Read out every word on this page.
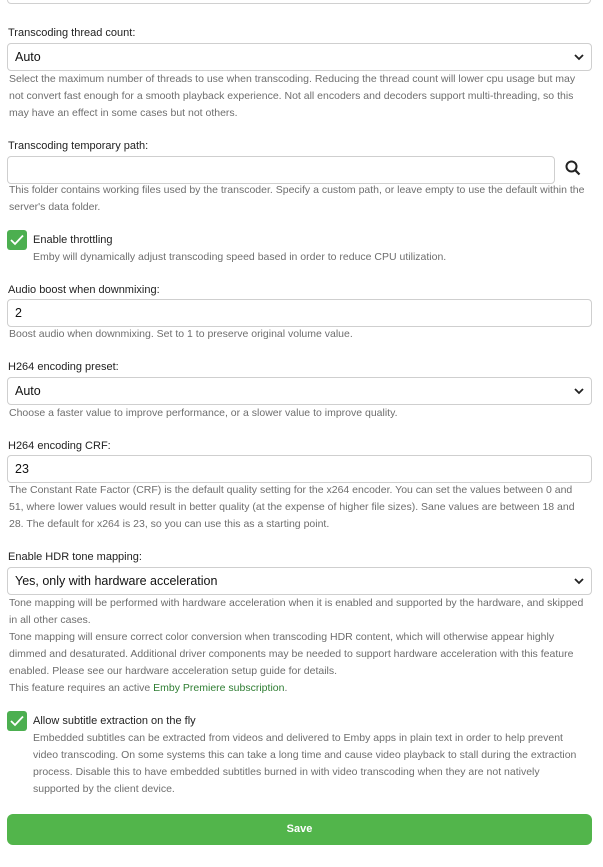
Transcoding thread count:
Auto
Select the maximum number of threads to use when transcoding. Reducing the thread count will lower cpu usage but may not convert fast enough for a smooth playback experience. Not all encoders and decoders support multi-threading, so this may have an effect in some cases but not others.
Transcoding temporary path:
This folder contains working files used by the transcoder. Specify a custom path, or leave empty to use the default within the server's data folder.
Enable throttling
Emby will dynamically adjust transcoding speed based in order to reduce CPU utilization.
Audio boost when downmixing:
2
Boost audio when downmixing. Set to 1 to preserve original volume value.
H264 encoding preset:
Auto
Choose a faster value to improve performance, or a slower value to improve quality.
H264 encoding CRF:
23
The Constant Rate Factor (CRF) is the default quality setting for the x264 encoder. You can set the values between 0 and 51, where lower values would result in better quality (at the expense of higher file sizes). Sane values are between 18 and 28. The default for x264 is 23, so you can use this as a starting point.
Enable HDR tone mapping:
Yes, only with hardware acceleration

Tone mapping will be performed with hardware acceleration when it is enabled and supported by the hardware, and skipped in all other cases.

Tone mapping will ensure correct color conversion when transcoding HDR content, which will otherwise appear highly dimmed and desaturated. Additional driver components may be needed to support hardware acceleration with this feature enabled. Please see our hardware acceleration setup guide for details.

This feature requires an active Emby Premiere subscription.

Allow subtitle extraction on the fly
Embedded subtitles can be extracted from videos and delivered to Emby apps in plain text in order to help prevent video transcoding. On some systems this can take a long time and cause video playback to stall during the extraction process. Disable this to have embedded subtitles burned in with video transcoding when they are not natively supported by the client device.
Save
